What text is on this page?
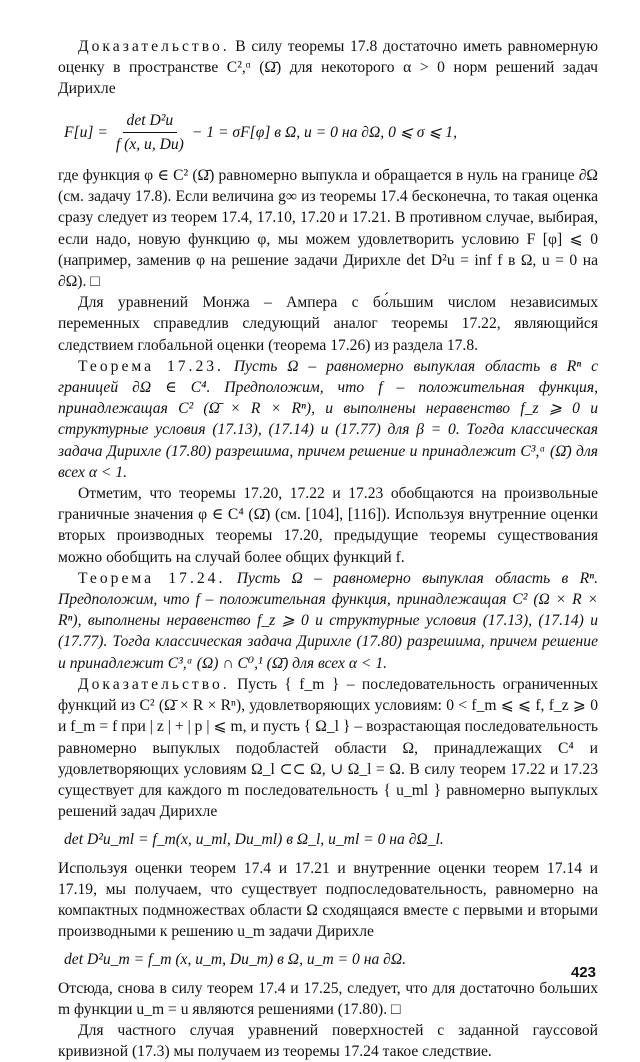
Доказательство. В силу теоремы 17.8 достаточно иметь равномерную оценку в пространстве C²,ᵅ (Ω̄) для некоторого α > 0 норм решений задач Дирихле

$F[u] = \frac{\text{det D²u}}{f (x, u, Du)} - 1 = \sigma F[\varphi]$ в Ω, u = 0 на ∂Ω, 0 ⩽ σ ⩽ 1,

где функция φ ∈ C² (Ω̄) равномерно выпукла и обращается в нуль на границе ∂Ω (см. задачу 17.8). Если величина g∞ из теоремы 17.4 бесконечна, то такая оценка сразу следует из теорем 17.4, 17.10, 17.20 и 17.21. В противном случае, выбирая, если надо, новую функцию φ, мы можем удовлетворить условию F [φ] ⩽ 0 (например, заменив φ на решение задачи Дирихле det D²u = inf f в Ω, u = 0 на ∂Ω). □

Для уравнений Монжа – Ампера с бо́льшим числом независимых переменных справедлив следующий аналог теоремы 17.22, являющийся следствием глобальной оценки (теорема 17.26) из раздела 17.8.

Теорема 17.23. Пусть Ω – равномерно выпуклая область в Rⁿ с границей ∂Ω ∈ C⁴. Предположим, что f – положительная функция, принадлежащая C² (Ω̄ × R × Rⁿ), и выполнены неравенство f_z ⩾ 0 и структурные условия (17.13), (17.14) и (17.77) для β = 0. Тогда классическая задача Дирихле (17.80) разрешима, причем решение и принадлежит C³,ᵅ (Ω̄) для всех α < 1.

Отметим, что теоремы 17.20, 17.22 и 17.23 обобщаются на произвольные граничные значения φ ∈ C⁴ (Ω̄) (см. [104], [116]). Используя внутренние оценки вторых производных теоремы 17.20, предыдущие теоремы существования можно обобщить на случай более общих функций f.

Теорема 17.24. Пусть Ω – равномерно выпуклая область в Rⁿ. Предположим, что f – положительная функция, принадлежащая C² (Ω × R × Rⁿ), выполнены неравенство f_z ⩾ 0 и структурные условия (17.13), (17.14) и (17.77). Тогда классическая задача Дирихле (17.80) разрешима, причем решение и принадлежит C³,ᵅ (Ω) ∩ C⁰,¹ (Ω̄) для всех α < 1.

Доказательство. Пусть { f_m } – последовательность ограниченных функций из C² (Ω̄ × R × Rⁿ), удовлетворяющих условиям: 0 < f_m ⩽ ⩽ f, f_z ⩾ 0 и f_m = f при | z | + | p | ⩽ m, и пусть { Ω_l } – возрастающая последовательность равномерно выпуклых подобластей области Ω, принадлежащих C⁴ и удовлетворяющих условиям Ω_l ⊂⊂ Ω, ∪ Ω_l = Ω. В силу теорем 17.22 и 17.23 существует для каждого m последовательность { u_ml } равномерно выпуклых решений задач Дирихле

det D²u_ml = f_m(x, u_ml, Du_ml) в Ω_l, u_ml = 0 на ∂Ω_l.

Используя оценки теорем 17.4 и 17.21 и внутренние оценки теорем 17.14 и 17.19, мы получаем, что существует подпоследовательность, равномерно на компактных подмножествах области Ω сходящаяся вместе с первыми и вторыми производными к решению u_m задачи Дирихле

det D²u_m = f_m (x, u_m, Du_m) в Ω, u_m = 0 на ∂Ω.

Отсюда, снова в силу теорем 17.4 и 17.25, следует, что для достаточно больших m функции u_m = u являются решениями (17.80). □

Для частного случая уравнений поверхностей с заданной гауссовой кривизной (17.3) мы получаем из теоремы 17.24 такое следствие.

423
